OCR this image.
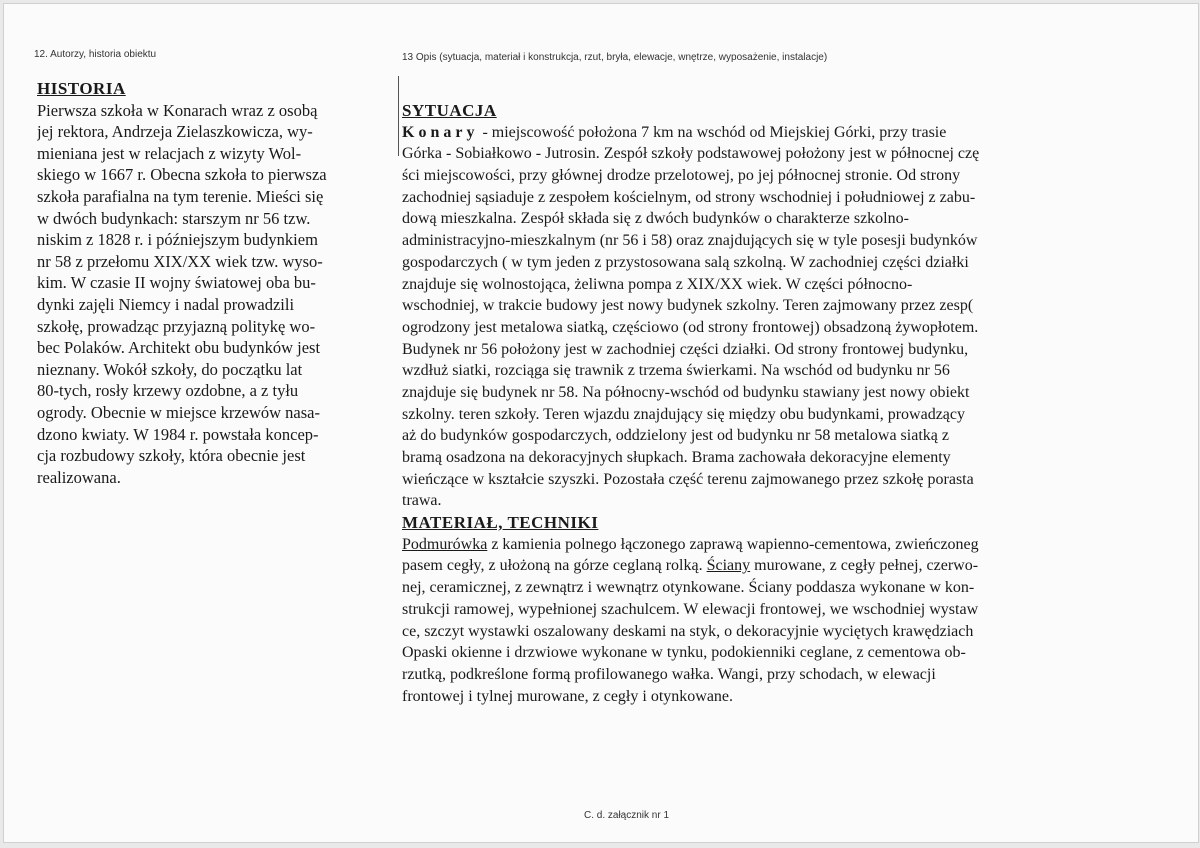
12. Autorzy, historia obiektu	13 Opis (sytuacja, materiał i konstrukcja, rzut, bryła, elewacje, wnętrze, wyposażenie, instalacje)
HISTORIA
Pierwsza szkoła w Konarach wraz z osobą
jej rektora, Andrzeja Zielaszkowicza, wy-
mieniana jest w relacjach z wizyty Wol-
skiego w 1667 r. Obecna szkoła to pierwsza
szkoła parafialna na tym terenie. Mieści się
w dwóch budynkach: starszym nr 56 tzw.
niskim z 1828 r. i późniejszym budynkiem
nr 58 z przełomu XIX/XX wiek tzw. wyso-
kim. W czasie II wojny światowej oba bu-
dynki zajęli Niemcy i nadal prowadzili
szkołę, prowadząc przyjazną politykę wo-
bec Polaków. Architekt obu budynków jest
nieznany. Wokół szkoły, do początku lat
80-tych, rosły krzewy ozdobne, a z tyłu
ogrody. Obecnie w miejsce krzewów nasa-
dzono kwiaty. W 1984 r. powstała koncep-
cja rozbudowy szkoły, która obecnie jest
realizowana.
SYTUACJA
Konary - miejscowość położona 7 km na wschód od Miejskiej Górki, przy trasie
Górka - Sobiałkowo - Jutrosin. Zespół szkoły podstawowej położony jest w północnej czę
ści miejscowości, przy głównej drodze przelotowej, po jej północnej stronie. Od strony
zachodniej sąsiaduje z zespołem kościelnym, od strony wschodniej i południowej z zabu-
dową mieszkalna. Zespół składa się z dwóch budynków o charakterze szkolno-
administracyjno-mieszkalnym (nr 56 i 58) oraz znajdujących się w tyle posesji budynków
gospodarczych ( w tym jeden z przystosowana salą szkolną. W zachodniej części działki
znajduje się wolnostojąca, żeliwna pompa z XIX/XX wiek. W części północno-
wschodniej, w trakcie budowy jest nowy budynek szkolny. Teren zajmowany przez zesp(
ogrodzony jest metalowa siatką, częściowo (od strony frontowej) obsadzoną żywopłotem.
Budynek nr 56 położony jest w zachodniej części działki. Od strony frontowej budynku,
wzdłuż siatki, rozciąga się trawnik z trzema świerkami. Na wschód od budynku nr 56
znajduje się budynek nr 58. Na północny-wschód od budynku stawiany jest nowy obiekt
szkolny. teren szkoły. Teren wjazdu znajdujący się między obu budynkami, prowadzący
aż do budynków gospodarczych, oddzielony jest od budynku nr 58 metalowa siatką z
bramą osadzona na dekoracyjnych słupkach. Brama zachowała dekoracyjne elementy
wieńczące w kształcie szyszki. Pozostała część terenu zajmowanego przez szkołę porasta
trawa.
MATERIAŁ, TECHNIKI
Podmurówka z kamienia polnego łączonego zaprawą wapienno-cementowa, zwieńczoneg
pasem cegły, z ułożoną na górze ceglaną rolką. Ściany murowane, z cegły pełnej, czerwo-
nej, ceramicznej, z zewnątrz i wewnątrz otynkowane. Ściany poddasza wykonane w kon-
strukcji ramowej, wypełnionej szachulcem. W elewacji frontowej, we wschodniej wystaw
ce, szczyt wystawki oszalowany deskami na styk, o dekoracyjnie wyciętych krawędziach
Opaski okienne i drzwiowe wykonane w tynku, podokienniki ceglane, z cementowa ob-
rzutką, podkreślone formą profilowanego wałka. Wangi, przy schodach, w elewacji
frontowej i tylnej murowane, z cegły i otynkowane.
C. d. załącznik nr 1
